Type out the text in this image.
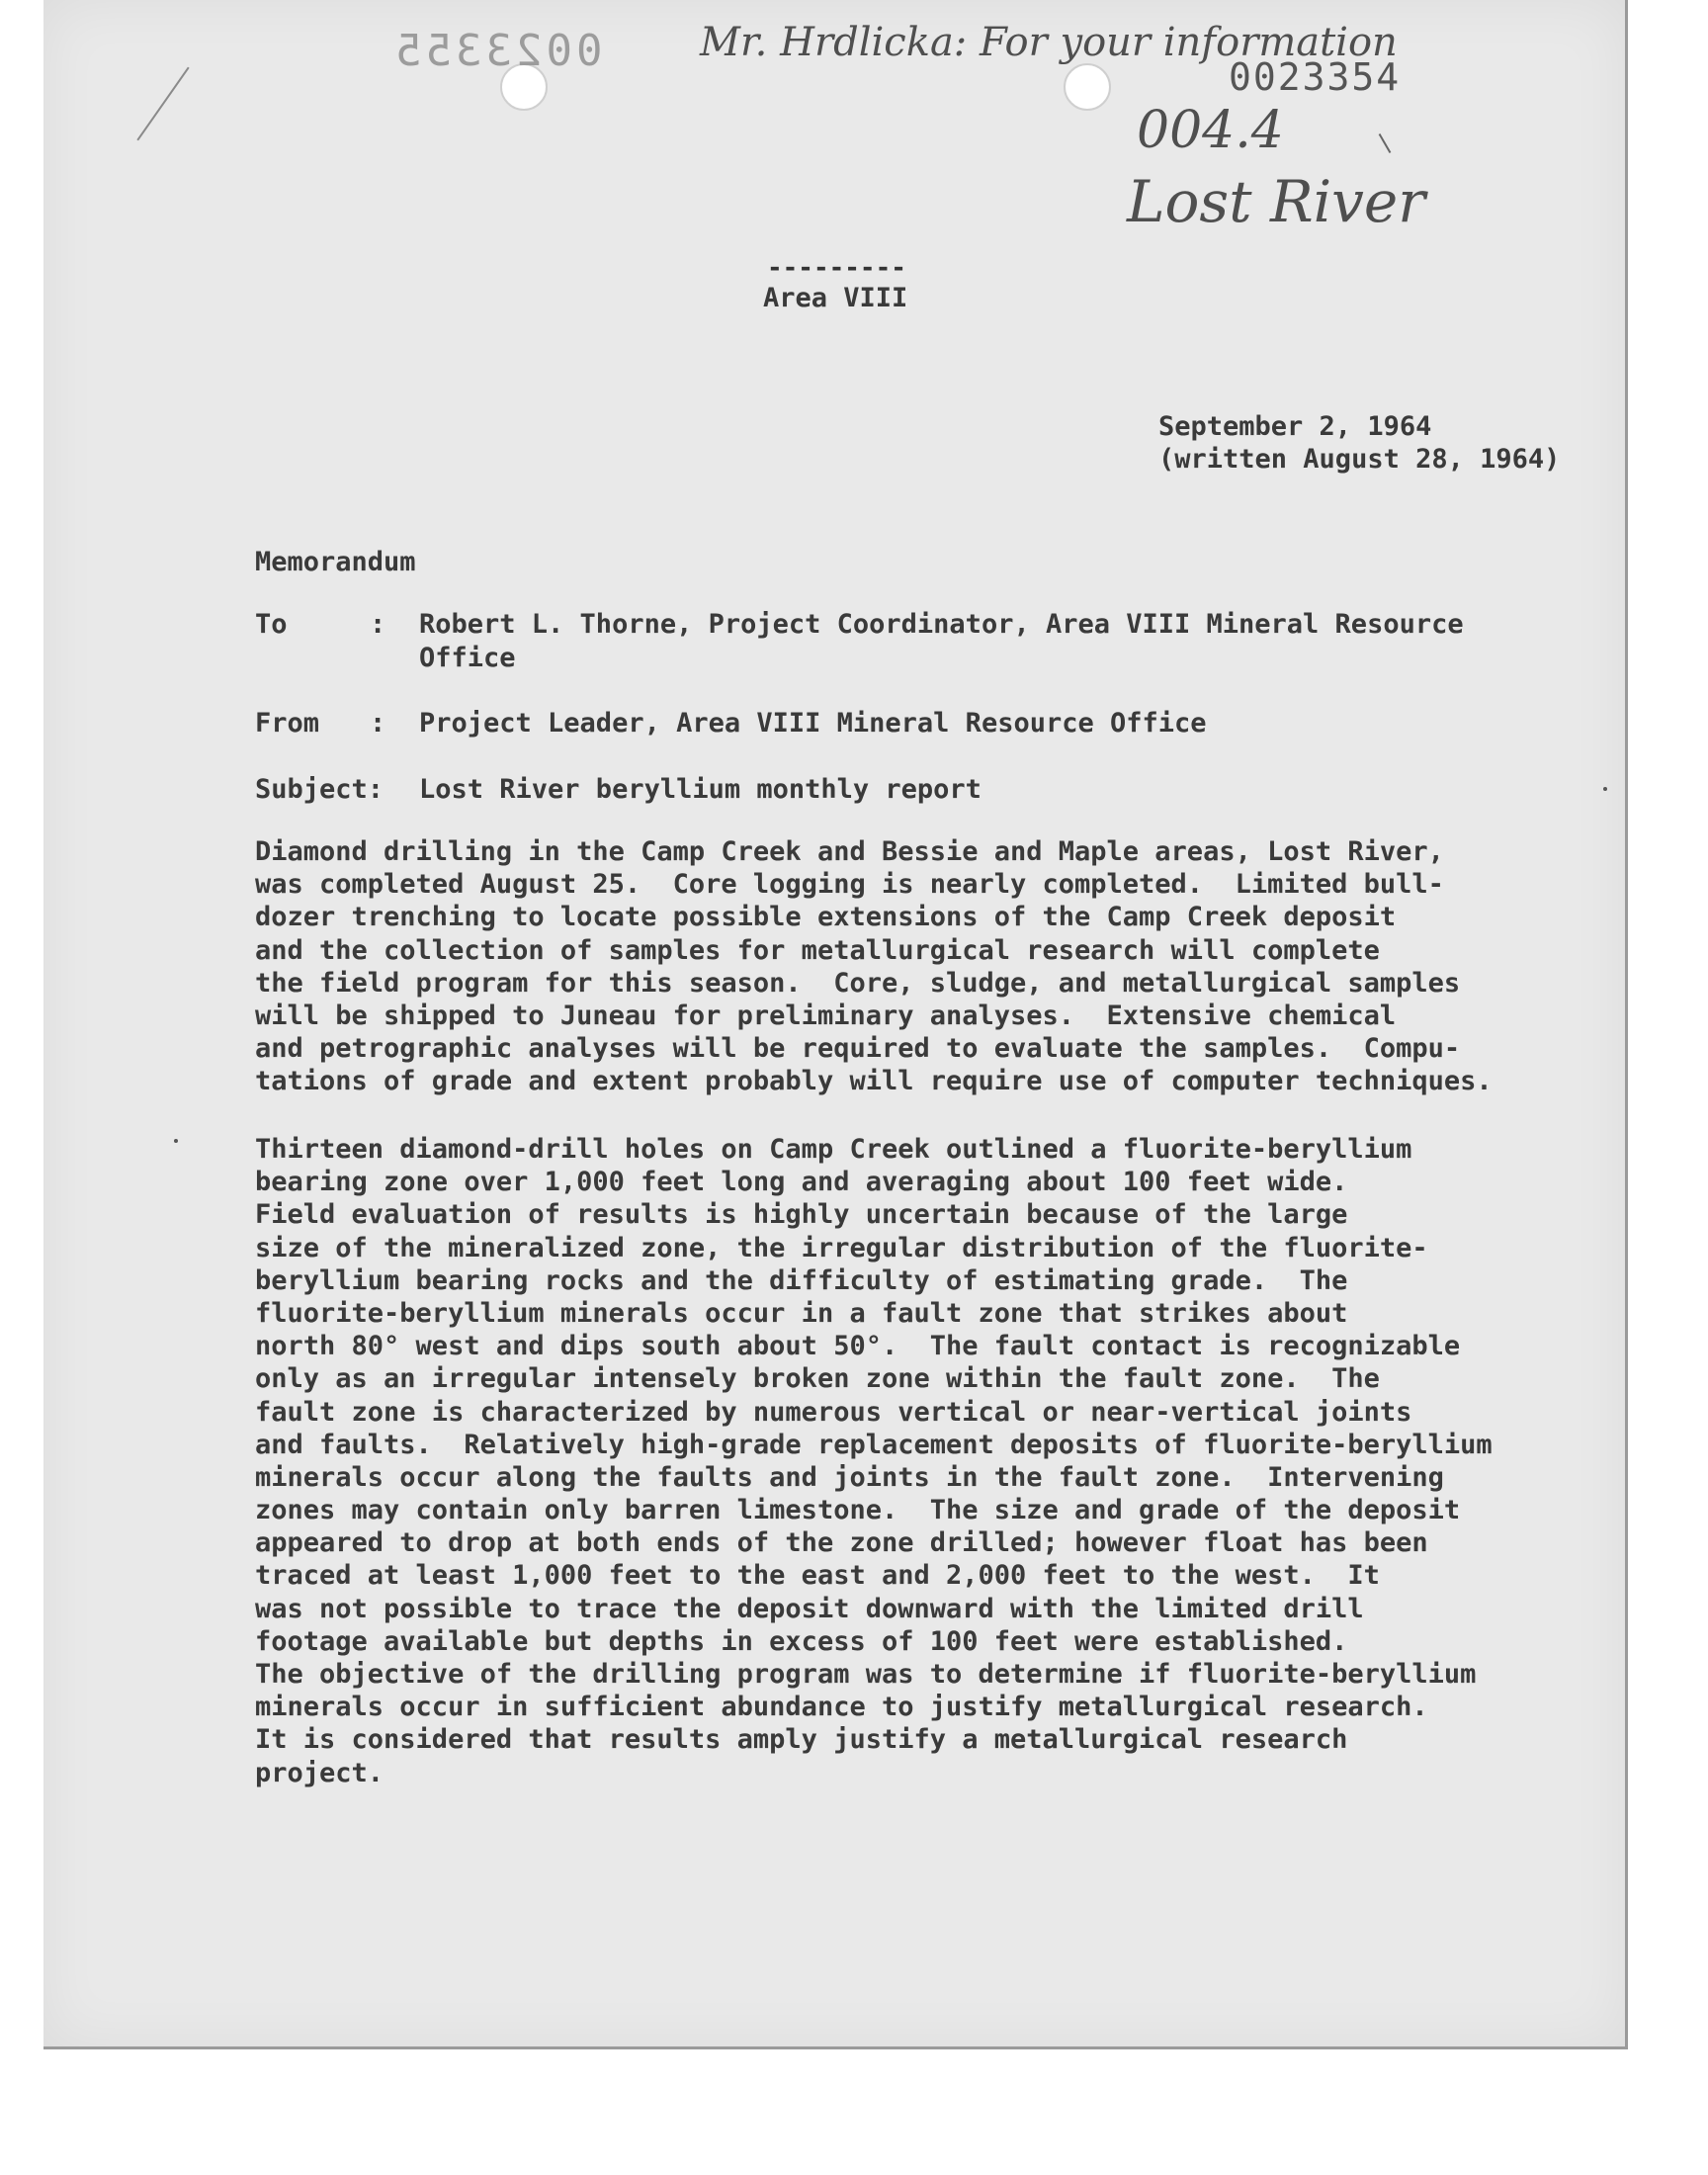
0023355 Mr. Hrdlicka: For your information
0023354
004.4
Lost River
---------
Area VIII
September 2, 1964
(written August 28, 1964)
Memorandum
To	: Robert L. Thorne, Project Coordinator, Area VIII Mineral Resource
Office
From : Project Leader, Area VIII Mineral Resource Office
Subject: Lost River beryllium monthly report
Diamond drilling in the Camp Creek and Bessie and Maple areas, Lost River,
was completed August 25.  Core logging is nearly completed.  Limited bull-
dozer trenching to locate possible extensions of the Camp Creek deposit
and the collection of samples for metallurgical research will complete
the field program for this season.  Core, sludge, and metallurgical samples
will be shipped to Juneau for preliminary analyses.  Extensive chemical
and petrographic analyses will be required to evaluate the samples.  Compu-
tations of grade and extent probably will require use of computer techniques.
Thirteen diamond-drill holes on Camp Creek outlined a fluorite-beryllium
bearing zone over 1,000 feet long and averaging about 100 feet wide.
Field evaluation of results is highly uncertain because of the large
size of the mineralized zone, the irregular distribution of the fluorite-
beryllium bearing rocks and the difficulty of estimating grade.  The
fluorite-beryllium minerals occur in a fault zone that strikes about
north 80° west and dips south about 50°.  The fault contact is recognizable
only as an irregular intensely broken zone within the fault zone.  The
fault zone is characterized by numerous vertical or near-vertical joints
and faults.  Relatively high-grade replacement deposits of fluorite-beryllium
minerals occur along the faults and joints in the fault zone.  Intervening
zones may contain only barren limestone.  The size and grade of the deposit
appeared to drop at both ends of the zone drilled; however float has been
traced at least 1,000 feet to the east and 2,000 feet to the west.  It
was not possible to trace the deposit downward with the limited drill
footage available but depths in excess of 100 feet were established.
The objective of the drilling program was to determine if fluorite-beryllium
minerals occur in sufficient abundance to justify metallurgical research.
It is considered that results amply justify a metallurgical research
project.
